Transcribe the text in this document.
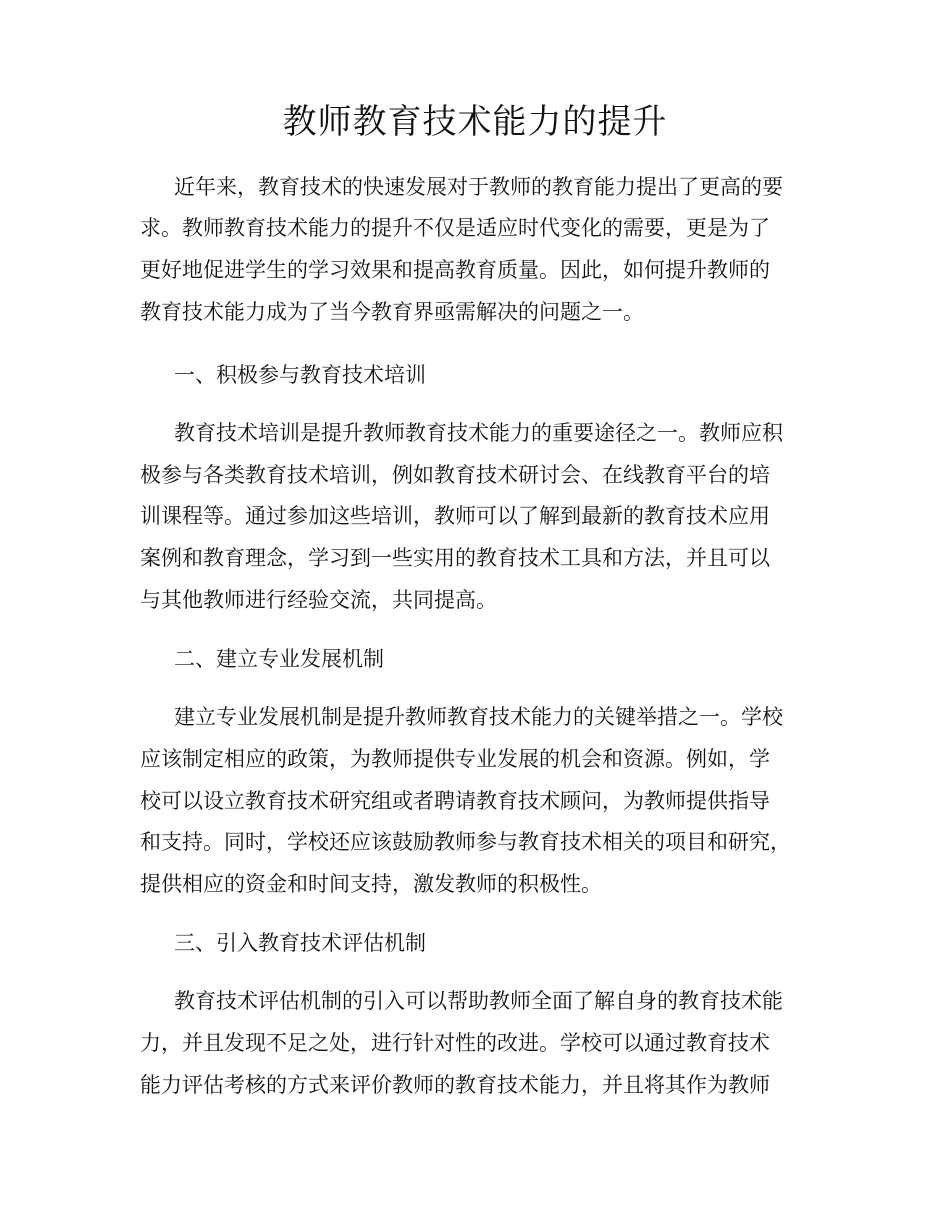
教师教育技术能力的提升
近年来，教育技术的快速发展对于教师的教育能力提出了更高的要
求。教师教育技术能力的提升不仅是适应时代变化的需要，更是为了
更好地促进学生的学习效果和提高教育质量。因此，如何提升教师的
教育技术能力成为了当今教育界亟需解决的问题之一。
一、积极参与教育技术培训
教育技术培训是提升教师教育技术能力的重要途径之一。教师应积
极参与各类教育技术培训，例如教育技术研讨会、在线教育平台的培
训课程等。通过参加这些培训，教师可以了解到最新的教育技术应用
案例和教育理念，学习到一些实用的教育技术工具和方法，并且可以
与其他教师进行经验交流，共同提高。
二、建立专业发展机制
建立专业发展机制是提升教师教育技术能力的关键举措之一。学校
应该制定相应的政策，为教师提供专业发展的机会和资源。例如，学
校可以设立教育技术研究组或者聘请教育技术顾问，为教师提供指导
和支持。同时，学校还应该鼓励教师参与教育技术相关的项目和研究，
提供相应的资金和时间支持，激发教师的积极性。
三、引入教育技术评估机制
教育技术评估机制的引入可以帮助教师全面了解自身的教育技术能
力，并且发现不足之处，进行针对性的改进。学校可以通过教育技术
能力评估考核的方式来评价教师的教育技术能力，并且将其作为教师
